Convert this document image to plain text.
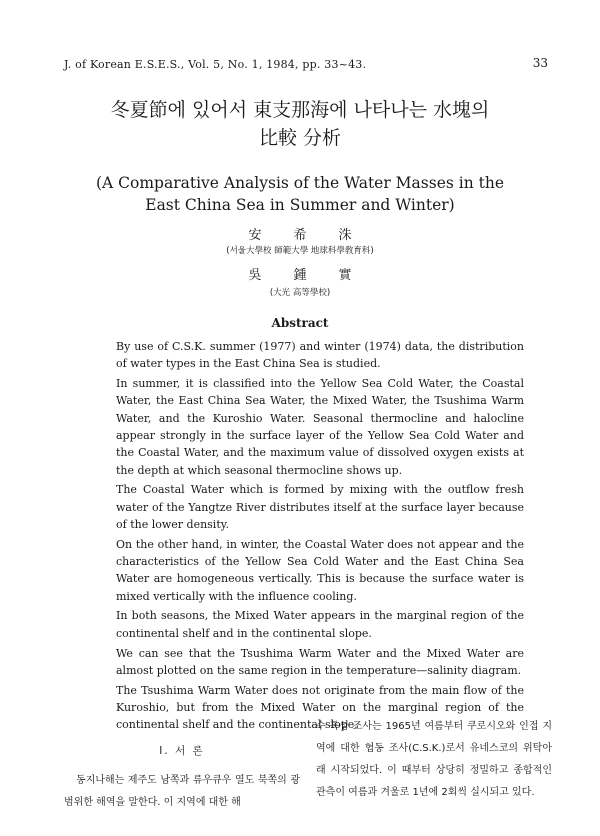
J. of Korean E.S.E.S., Vol. 5, No. 1, 1984, pp. 33~43.	33
冬夏節에 있어서 東支那海에 나타나는 水塊의
比較 分析
(A Comparative Analysis of the Water Masses in the
East China Sea in Summer and Winter)
安希洙
(서울大學校 師範大學 地球科學敎育科)
吳鍾實
(大光 高等學校)
Abstract

By use of C.S.K. summer (1977) and winter (1974) data, the distribution of water types in the East China Sea is studied.

In summer, it is classified into the Yellow Sea Cold Water, the Coastal Water, the East China Sea Water, the Mixed Water, the Tsushima Warm Water, and the Kuroshio Water. Seasonal thermocline and halocline appear strongly in the surface layer of the Yellow Sea Cold Water and the Coastal Water, and the maximum value of dissolved oxygen exists at the depth at which seasonal thermocline shows up.

The Coastal Water which is formed by mixing with the outflow fresh water of the Yangtze River distributes itself at the surface layer because of the lower density.

On the other hand, in winter, the Coastal Water does not appear and the characteristics of the Yellow Sea Cold Water and the East China Sea Water are homogeneous vertically. This is because the surface water is mixed vertically with the influence cooling.

In both seasons, the Mixed Water appears in the marginal region of the continental shelf and in the continental slope.

We can see that the Tsushima Warm Water and the Mixed Water are almost plotted on the same region in the temperature—salinity diagram.

The Tsushima Warm Water does not originate from the main flow of the Kuroshio, but from the Mixed Water on the marginal region of the continental shelf and the continental slope.

I. 서 론

동지나해는 제주도 남쪽과 류우큐우 열도 북쪽의 광범위한 해역을 말한다. 이 지역에 대한 해

수 특성 조사는 1965년 여름부터 쿠로시오와 인접 지역에 대한 협동 조사(C.S.K.)로서 유네스코의 위탁아래 시작되었다. 이 때부터 상당히 정밀하고 종합적인 관측이 여름과 겨울로 1년에 2회씩 실시되고 있다.
